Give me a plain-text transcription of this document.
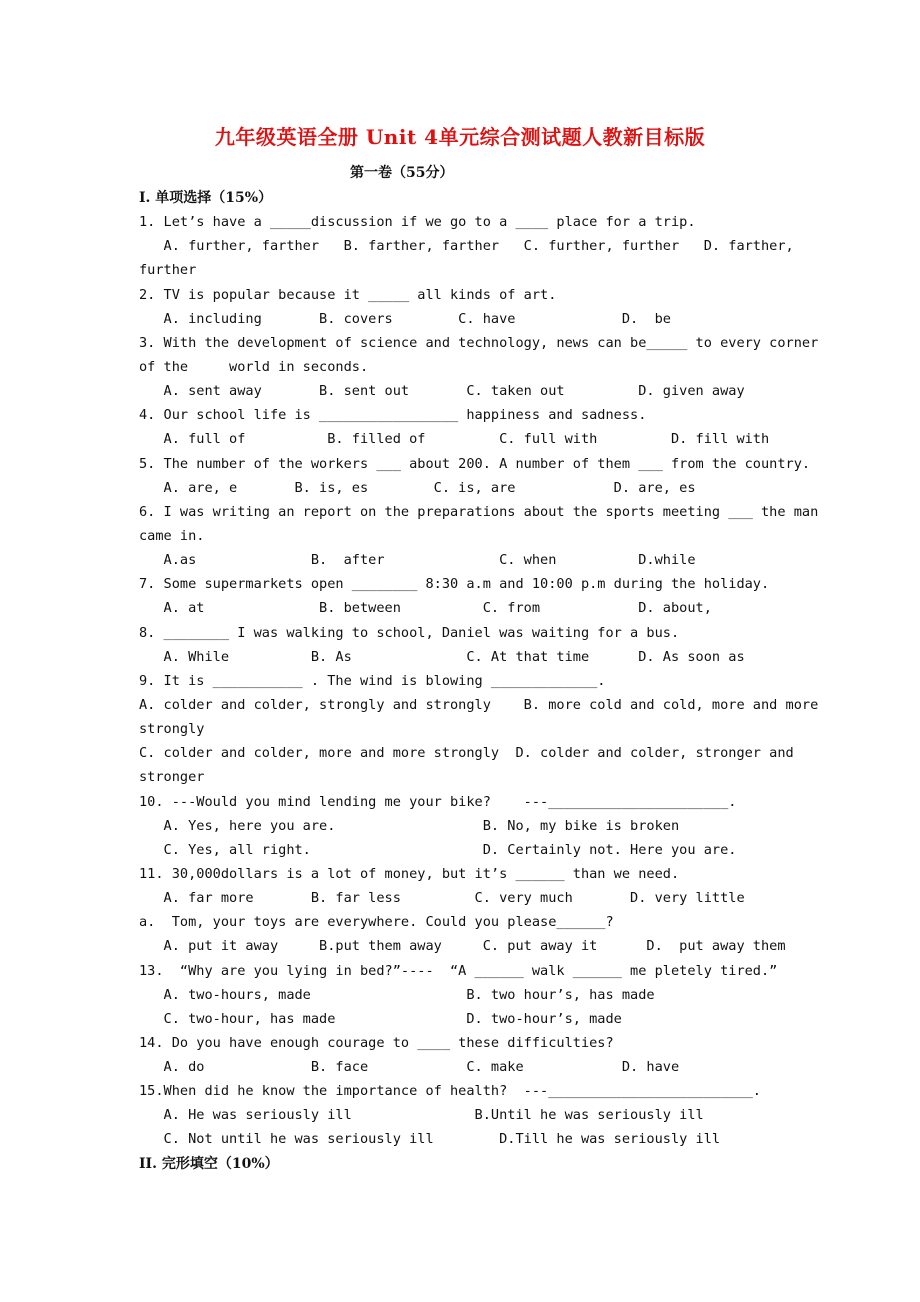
九年级英语全册 Unit 4单元综合测试题人教新目标版
第一卷（55分）
I. 单项选择（15%）
1. Let’s have a _____discussion if we go to a ____ place for a trip.
A. further, farther   B. farther, farther   C. further, further   D. farther,
further
2. TV is popular because it _____ all kinds of art.
A. including       B. covers        C. have             D.  be
3. With the development of science and technology, news can be_____ to every corner
of the     world in seconds.
A. sent away       B. sent out       C. taken out         D. given away
4. Our school life is _________________ happiness and sadness.
A. full of          B. filled of         C. full with         D. fill with
5. The number of the workers ___ about 200. A number of them ___ from the country.
A. are, e       B. is, es        C. is, are            D. are, es
6. I was writing an report on the preparations about the sports meeting ___ the man
came in.
A.as              B.  after              C. when          D.while
7. Some supermarkets open ________ 8:30 a.m and 10:00 p.m during the holiday.
A. at              B. between          C. from            D. about,
8. ________ I was walking to school, Daniel was waiting for a bus.
A. While          B. As              C. At that time      D. As soon as
9. It is ___________ . The wind is blowing _____________.
A. colder and colder, strongly and strongly    B. more cold and cold, more and more
strongly
C. colder and colder, more and more strongly  D. colder and colder, stronger and
stronger
10. ---Would you mind lending me your bike?    ---______________________.
A. Yes, here you are.                  B. No, my bike is broken
C. Yes, all right.                     D. Certainly not. Here you are.
11. 30,000dollars is a lot of money, but it’s ______ than we need.
A. far more       B. far less         C. very much       D. very little
a.  Tom, your toys are everywhere. Could you please______?
A. put it away     B.put them away     C. put away it      D.  put away them
13.  “Why are you lying in bed?”----  “A ______ walk ______ me pletely tired.”
A. two-hours, made                   B. two hour’s, has made
C. two-hour, has made                D. two-hour’s, made
14. Do you have enough courage to ____ these difficulties?
A. do             B. face            C. make            D. have
15.When did he know the importance of health?  ---_________________________.
A. He was seriously ill               B.Until he was seriously ill
C. Not until he was seriously ill        D.Till he was seriously ill
II. 完形填空（10%）
